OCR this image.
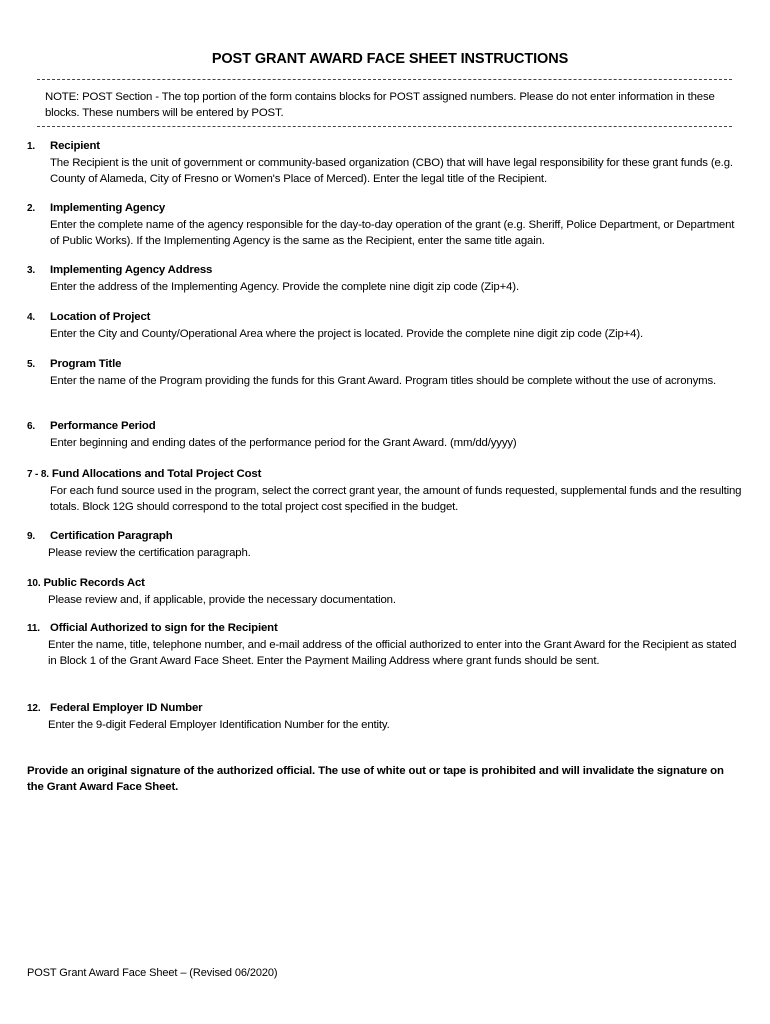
POST GRANT AWARD FACE SHEET INSTRUCTIONS
NOTE: POST Section - The top portion of the form contains blocks for POST assigned numbers. Please do not enter information in these blocks. These numbers will be entered by POST.
1. Recipient
The Recipient is the unit of government or community-based organization (CBO) that will have legal responsibility for these grant funds (e.g. County of Alameda, City of Fresno or Women's Place of Merced). Enter the legal title of the Recipient.
2. Implementing Agency
Enter the complete name of the agency responsible for the day-to-day operation of the grant (e.g. Sheriff, Police Department, or Department of Public Works). If the Implementing Agency is the same as the Recipient, enter the same title again.
3. Implementing Agency Address
Enter the address of the Implementing Agency. Provide the complete nine digit zip code (Zip+4).
4. Location of Project
Enter the City and County/Operational Area where the project is located. Provide the complete nine digit zip code (Zip+4).
5. Program Title
Enter the name of the Program providing the funds for this Grant Award. Program titles should be complete without the use of acronyms.
6. Performance Period
Enter beginning and ending dates of the performance period for the Grant Award. (mm/dd/yyyy)
7 - 8. Fund Allocations and Total Project Cost
For each fund source used in the program, select the correct grant year, the amount of funds requested, supplemental funds and the resulting totals. Block 12G should correspond to the total project cost specified in the budget.
9. Certification Paragraph
Please review the certification paragraph.
10. Public Records Act
Please review and, if applicable, provide the necessary documentation.
11. Official Authorized to sign for the Recipient
Enter the name, title, telephone number, and e-mail address of the official authorized to enter into the Grant Award for the Recipient as stated in Block 1 of the Grant Award Face Sheet. Enter the Payment Mailing Address where grant funds should be sent.
12. Federal Employer ID Number
Enter the 9-digit Federal Employer Identification Number for the entity.
Provide an original signature of the authorized official. The use of white out or tape is prohibited and will invalidate the signature on the Grant Award Face Sheet.
POST Grant Award Face Sheet – (Revised 06/2020)
